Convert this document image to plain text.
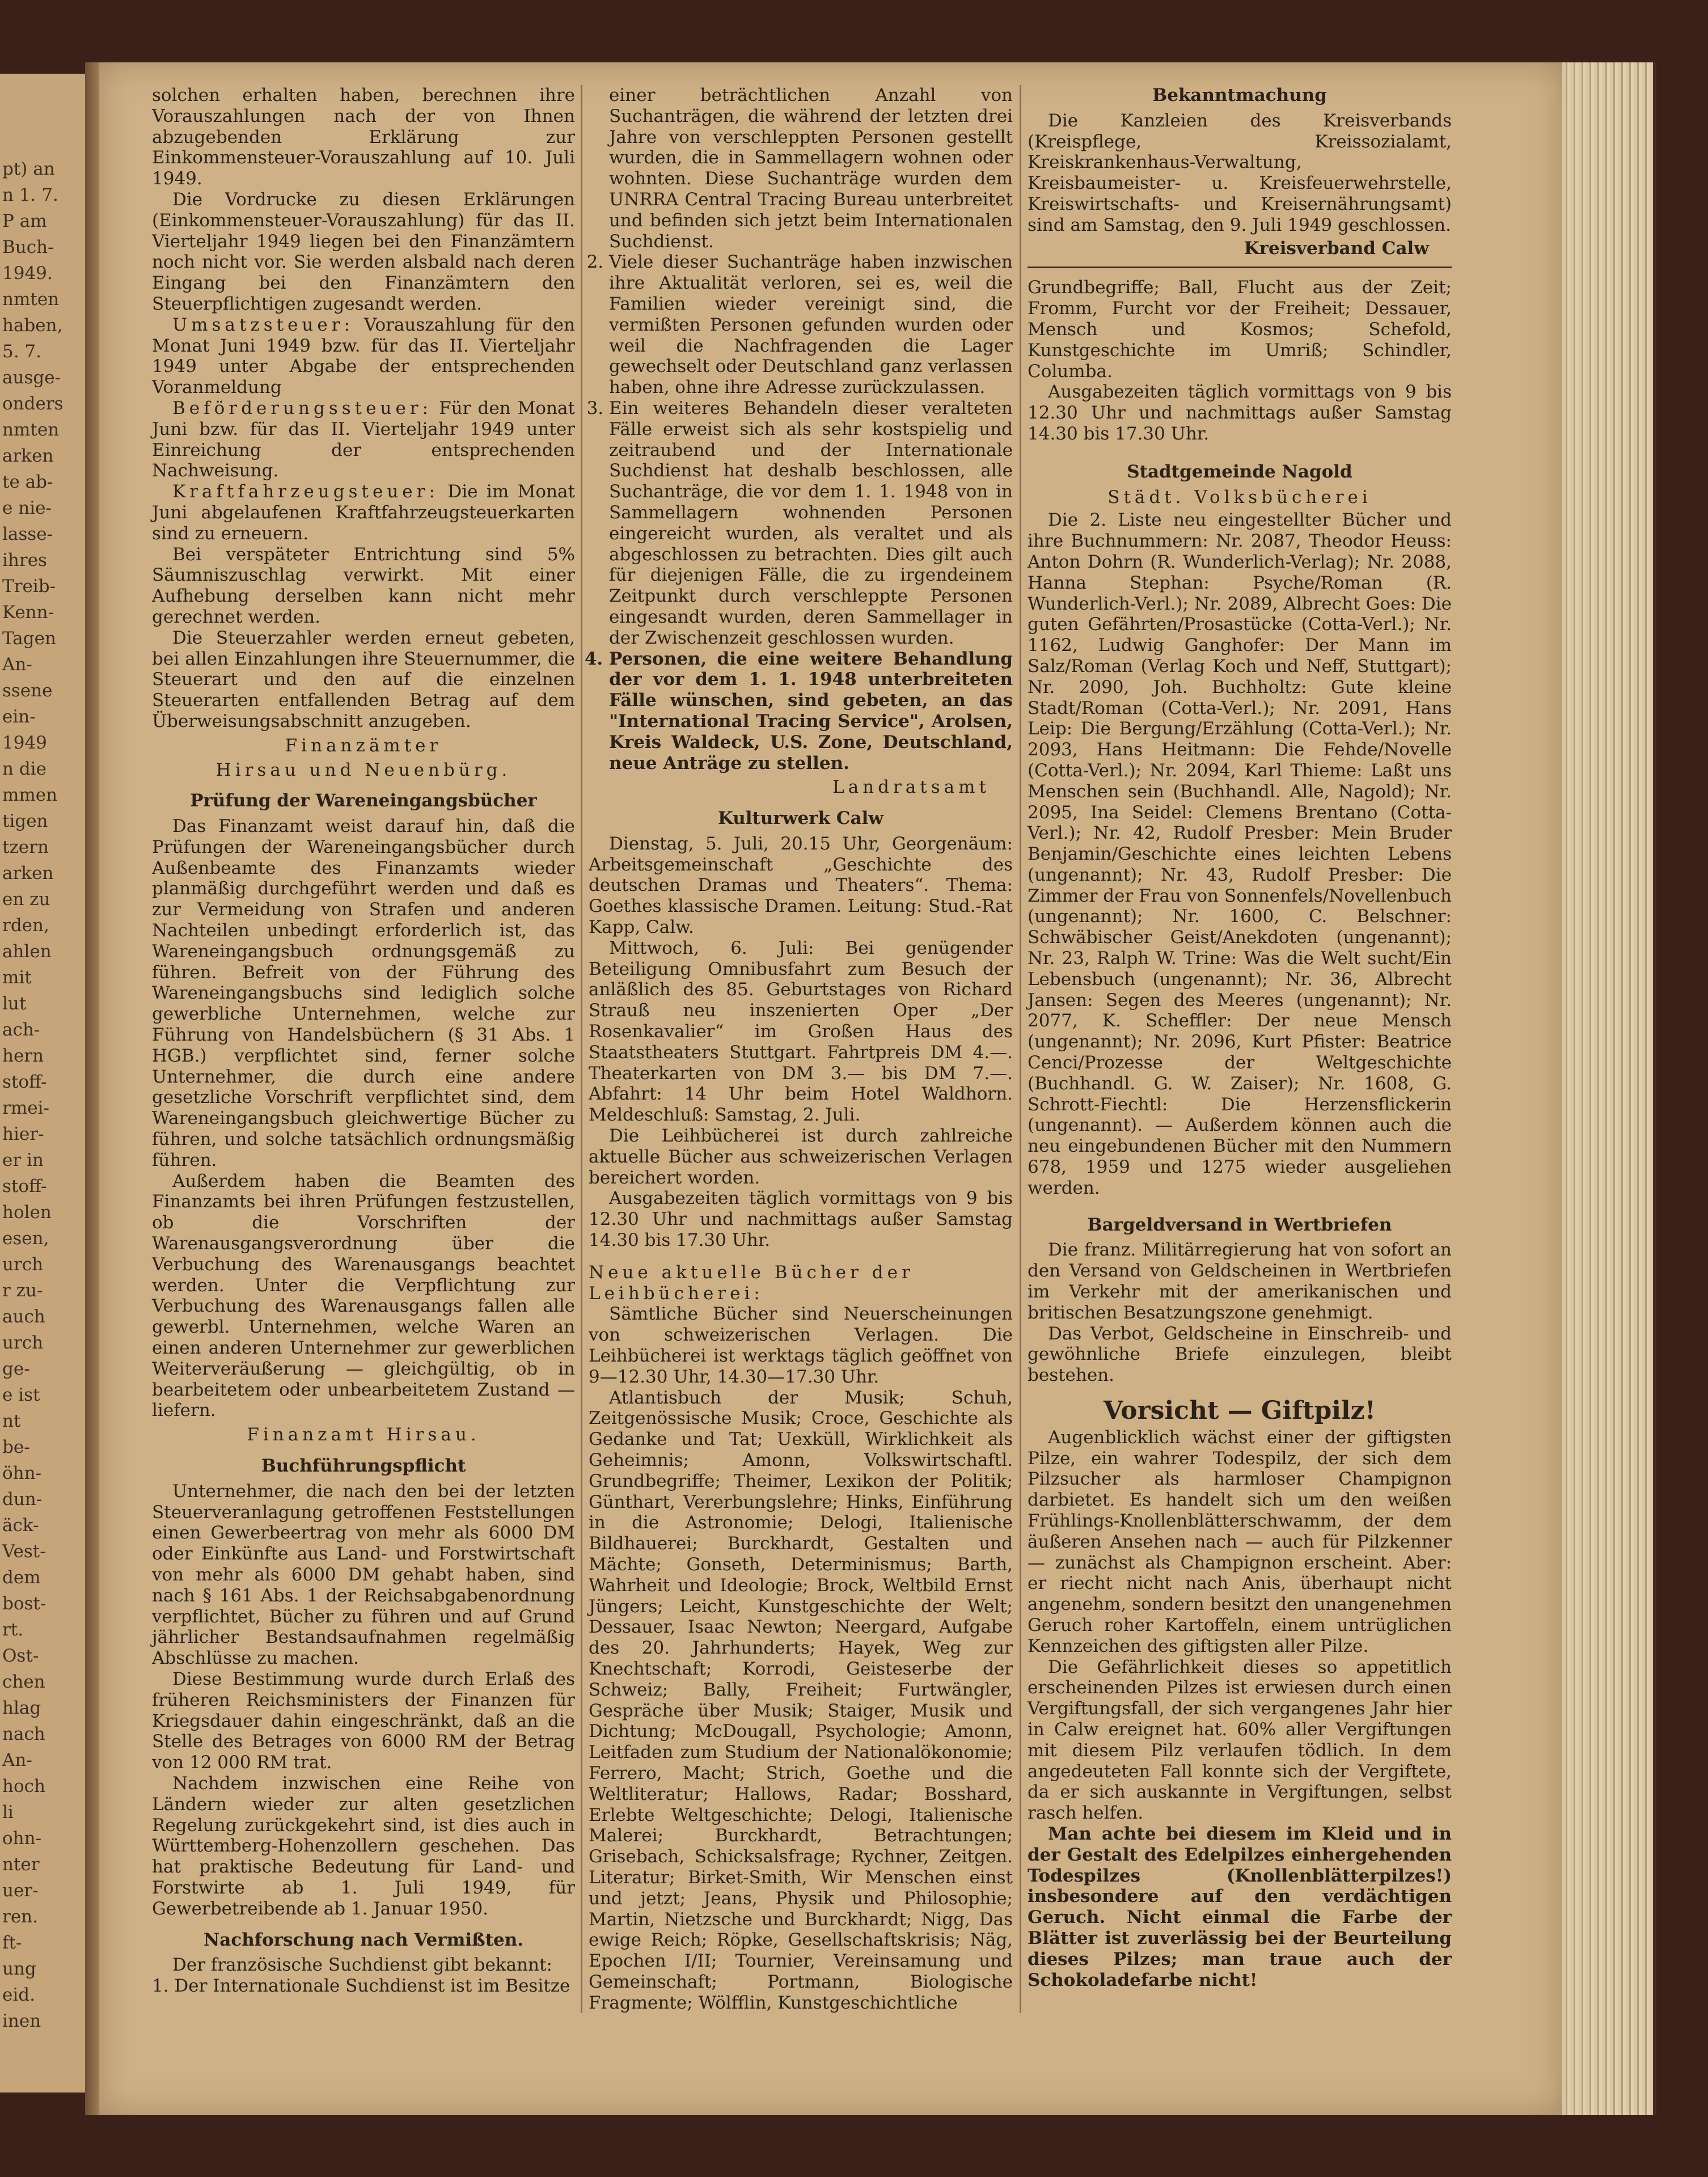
pt) an
n 1. 7.
P am
Buch-
1949.
nmten
haben,
5. 7.
ausge-
onders
nmten
arken
te ab-
e nie-
lasse-
ihres
Treib-
Kenn-
Tagen
An-
ssene
ein-
1949
n die
mmen
tigen
tzern
arken
en zu
rden,
ahlen
mit
lut
ach-
hern
stoff-
rmei-
hier-
er in
stoff-
holen
esen,
urch
r zu-
auch
urch
ge-
e ist
nt
be-
öhn-
dun-
äck-
Vest-
dem
bost-
rt.
Ost-
chen
hlag
nach
An-
hoch
li
ohn-
nter
uer-
ren.
ft-
ung
eid.
inen

solchen erhalten haben, berechnen ihre Vorauszahlungen nach der von Ihnen abzugebenden Erklärung zur Einkommensteuer-Vorauszahlung auf 10. Juli 1949.

Die Vordrucke zu diesen Erklärungen (Einkommensteuer-Vorauszahlung) für das II. Vierteljahr 1949 liegen bei den Finanzämtern noch nicht vor. Sie werden alsbald nach deren Eingang bei den Finanzämtern den Steuerpflichtigen zugesandt werden.

Umsatzsteuer: Vorauszahlung für den Monat Juni 1949 bzw. für das II. Vierteljahr 1949 unter Abgabe der entsprechenden Voranmeldung

Beförderungssteuer: Für den Monat Juni bzw. für das II. Vierteljahr 1949 unter Einreichung der entsprechenden Nachweisung.

Kraftfahrzeugsteuer: Die im Monat Juni abgelaufenen Kraftfahrzeugsteuerkarten sind zu erneuern.

Bei verspäteter Entrichtung sind 5% Säumniszuschlag verwirkt. Mit einer Aufhebung derselben kann nicht mehr gerechnet werden.

Die Steuerzahler werden erneut gebeten, bei allen Einzahlungen ihre Steuernummer, die Steuerart und den auf die einzelnen Steuerarten entfallenden Betrag auf dem Überweisungsabschnitt anzugeben.

Finanzämter
Hirsau und Neuenbürg.
Prüfung der Wareneingangsbücher

Das Finanzamt weist darauf hin, daß die Prüfungen der Wareneingangsbücher durch Außenbeamte des Finanzamts wieder planmäßig durchgeführt werden und daß es zur Vermeidung von Strafen und anderen Nachteilen unbedingt erforderlich ist, das Wareneingangsbuch ordnungsgemäß zu führen. Befreit von der Führung des Wareneingangsbuchs sind lediglich solche gewerbliche Unternehmen, welche zur Führung von Handelsbüchern (§ 31 Abs. 1 HGB.) verpflichtet sind, ferner solche Unternehmer, die durch eine andere gesetzliche Vorschrift verpflichtet sind, dem Wareneingangsbuch gleichwertige Bücher zu führen, und solche tatsächlich ordnungsmäßig führen.

Außerdem haben die Beamten des Finanzamts bei ihren Prüfungen festzustellen, ob die Vorschriften der Warenausgangsverordnung über die Verbuchung des Warenausgangs beachtet werden. Unter die Verpflichtung zur Verbuchung des Warenausgangs fallen alle gewerbl. Unternehmen, welche Waren an einen anderen Unternehmer zur gewerblichen Weiterveräußerung — gleichgültig, ob in bearbeitetem oder unbearbeitetem Zustand — liefern.

Finanzamt Hirsau.
Buchführungspflicht

Unternehmer, die nach den bei der letzten Steuerveranlagung getroffenen Feststellungen einen Gewerbeertrag von mehr als 6000 DM oder Einkünfte aus Land- und Forstwirtschaft von mehr als 6000 DM gehabt haben, sind nach § 161 Abs. 1 der Reichsabgabenordnung verpflichtet, Bücher zu führen und auf Grund jährlicher Bestandsaufnahmen regelmäßig Abschlüsse zu machen.

Diese Bestimmung wurde durch Erlaß des früheren Reichsministers der Finanzen für Kriegsdauer dahin eingeschränkt, daß an die Stelle des Betrages von 6000 RM der Betrag von 12 000 RM trat.

Nachdem inzwischen eine Reihe von Ländern wieder zur alten gesetzlichen Regelung zurückgekehrt sind, ist dies auch in Württemberg-Hohenzollern geschehen. Das hat praktische Bedeutung für Land- und Forstwirte ab 1. Juli 1949, für Gewerbetreibende ab 1. Januar 1950.

Nachforschung nach Vermißten.

Der französische Suchdienst gibt bekannt:

1. Der Internationale Suchdienst ist im Besitze

einer beträchtlichen Anzahl von Suchanträgen, die während der letzten drei Jahre von verschleppten Personen gestellt wurden, die in Sammellagern wohnen oder wohnten. Diese Suchanträge wurden dem UNRRA Central Tracing Bureau unterbreitet und befinden sich jetzt beim Internationalen Suchdienst.

2. Viele dieser Suchanträge haben inzwischen ihre Aktualität verloren, sei es, weil die Familien wieder vereinigt sind, die vermißten Personen gefunden wurden oder weil die Nachfragenden die Lager gewechselt oder Deutschland ganz verlassen haben, ohne ihre Adresse zurückzulassen.
3. Ein weiteres Behandeln dieser veralteten Fälle erweist sich als sehr kostspielig und zeitraubend und der Internationale Suchdienst hat deshalb beschlossen, alle Suchanträge, die vor dem 1. 1. 1948 von in Sammellagern wohnenden Personen eingereicht wurden, als veraltet und als abgeschlossen zu betrachten. Dies gilt auch für diejenigen Fälle, die zu irgendeinem Zeitpunkt durch verschleppte Personen eingesandt wurden, deren Sammellager in der Zwischenzeit geschlossen wurden.
4. Personen, die eine weitere Behandlung der vor dem 1. 1. 1948 unterbreiteten Fälle wünschen, sind gebeten, an das "International Tracing Service", Arolsen, Kreis Waldeck, U.S. Zone, Deutschland, neue Anträge zu stellen.
Landratsamt
Kulturwerk Calw

Dienstag, 5. Juli, 20.15 Uhr, Georgenäum: Arbeitsgemeinschaft „Geschichte des deutschen Dramas und Theaters“. Thema: Goethes klassische Dramen. Leitung: Stud.-Rat Kapp, Calw.

Mittwoch, 6. Juli: Bei genügender Beteiligung Omnibusfahrt zum Besuch der anläßlich des 85. Geburtstages von Richard Strauß neu inszenierten Oper „Der Rosenkavalier“ im Großen Haus des Staatstheaters Stuttgart. Fahrtpreis DM 4.—. Theaterkarten von DM 3.— bis DM 7.—. Abfahrt: 14 Uhr beim Hotel Waldhorn. Meldeschluß: Samstag, 2. Juli.

Die Leihbücherei ist durch zahlreiche aktuelle Bücher aus schweizerischen Verlagen bereichert worden.

Ausgabezeiten täglich vormittags von 9 bis 12.30 Uhr und nachmittags außer Samstag 14.30 bis 17.30 Uhr.

Neue aktuelle Bücher der Leihbücherei:

Sämtliche Bücher sind Neuerscheinungen von schweizerischen Verlagen. Die Leihbücherei ist werktags täglich geöffnet von 9—12.30 Uhr, 14.30—17.30 Uhr.

Atlantisbuch der Musik; Schuh, Zeitgenössische Musik; Croce, Geschichte als Gedanke und Tat; Uexküll, Wirklichkeit als Geheimnis; Amonn, Volkswirtschaftl. Grundbegriffe; Theimer, Lexikon der Politik; Günthart, Vererbungslehre; Hinks, Einführung in die Astronomie; Delogi, Italienische Bildhauerei; Burckhardt, Gestalten und Mächte; Gonseth, Determinismus; Barth, Wahrheit und Ideologie; Brock, Weltbild Ernst Jüngers; Leicht, Kunstgeschichte der Welt; Dessauer, Isaac Newton; Neergard, Aufgabe des 20. Jahrhunderts; Hayek, Weg zur Knechtschaft; Korrodi, Geisteserbe der Schweiz; Bally, Freiheit; Furtwängler, Gespräche über Musik; Staiger, Musik und Dichtung; McDougall, Psychologie; Amonn, Leitfaden zum Studium der Nationalökonomie; Ferrero, Macht; Strich, Goethe und die Weltliteratur; Hallows, Radar; Bosshard, Erlebte Weltgeschichte; Delogi, Italienische Malerei; Burckhardt, Betrachtungen; Grisebach, Schicksalsfrage; Rychner, Zeitgen. Literatur; Birket-Smith, Wir Menschen einst und jetzt; Jeans, Physik und Philosophie; Martin, Nietzsche und Burckhardt; Nigg, Das ewige Reich; Röpke, Gesellschaftskrisis; Näg, Epochen I/II; Tournier, Vereinsamung und Gemeinschaft; Portmann, Biologische Fragmente; Wölfflin, Kunstgeschichtliche

Bekanntmachung

Die Kanzleien des Kreisverbands (Kreispflege, Kreissozialamt, Kreiskrankenhaus-Verwaltung, Kreisbaumeister- u. Kreisfeuerwehrstelle, Kreiswirtschafts- und Kreisernährungsamt) sind am Samstag, den 9. Juli 1949 geschlossen.

Kreisverband Calw

Grundbegriffe; Ball, Flucht aus der Zeit; Fromm, Furcht vor der Freiheit; Dessauer, Mensch und Kosmos; Schefold, Kunstgeschichte im Umriß; Schindler, Columba.

Ausgabezeiten täglich vormittags von 9 bis 12.30 Uhr und nachmittags außer Samstag 14.30 bis 17.30 Uhr.

Stadtgemeinde Nagold
Städt. Volksbücherei

Die 2. Liste neu eingestellter Bücher und ihre Buchnummern: Nr. 2087, Theodor Heuss: Anton Dohrn (R. Wunderlich-Verlag); Nr. 2088, Hanna Stephan: Psyche/Roman (R. Wunderlich-Verl.); Nr. 2089, Albrecht Goes: Die guten Gefährten/Prosastücke (Cotta-Verl.); Nr. 1162, Ludwig Ganghofer: Der Mann im Salz/Roman (Verlag Koch und Neff, Stuttgart); Nr. 2090, Joh. Buchholtz: Gute kleine Stadt/Roman (Cotta-Verl.); Nr. 2091, Hans Leip: Die Bergung/Erzählung (Cotta-Verl.); Nr. 2093, Hans Heitmann: Die Fehde/Novelle (Cotta-Verl.); Nr. 2094, Karl Thieme: Laßt uns Menschen sein (Buchhandl. Alle, Nagold); Nr. 2095, Ina Seidel: Clemens Brentano (Cotta-Verl.); Nr. 42, Rudolf Presber: Mein Bruder Benjamin/Geschichte eines leichten Lebens (ungenannt); Nr. 43, Rudolf Presber: Die Zimmer der Frau von Sonnenfels/Novellenbuch (ungenannt); Nr. 1600, C. Belschner: Schwäbischer Geist/Anekdoten (ungenannt); Nr. 23, Ralph W. Trine: Was die Welt sucht/Ein Lebensbuch (ungenannt); Nr. 36, Albrecht Jansen: Segen des Meeres (ungenannt); Nr. 2077, K. Scheffler: Der neue Mensch (ungenannt); Nr. 2096, Kurt Pfister: Beatrice Cenci/Prozesse der Weltgeschichte (Buchhandl. G. W. Zaiser); Nr. 1608, G. Schrott-Fiechtl: Die Herzensflickerin (ungenannt). — Außerdem können auch die neu eingebundenen Bücher mit den Nummern 678, 1959 und 1275 wieder ausgeliehen werden.

Bargeldversand in Wertbriefen

Die franz. Militärregierung hat von sofort an den Versand von Geldscheinen in Wertbriefen im Verkehr mit der amerikanischen und britischen Besatzungszone genehmigt.

Das Verbot, Geldscheine in Einschreib- und gewöhnliche Briefe einzulegen, bleibt bestehen.

Vorsicht — Giftpilz!

Augenblicklich wächst einer der giftigsten Pilze, ein wahrer Todespilz, der sich dem Pilzsucher als harmloser Champignon darbietet. Es handelt sich um den weißen Frühlings-Knollenblätterschwamm, der dem äußeren Ansehen nach — auch für Pilzkenner — zunächst als Champignon erscheint. Aber: er riecht nicht nach Anis, überhaupt nicht angenehm, sondern besitzt den unangenehmen Geruch roher Kartoffeln, einem untrüglichen Kennzeichen des giftigsten aller Pilze.

Die Gefährlichkeit dieses so appetitlich erscheinenden Pilzes ist erwiesen durch einen Vergiftungsfall, der sich vergangenes Jahr hier in Calw ereignet hat. 60% aller Vergiftungen mit diesem Pilz verlaufen tödlich. In dem angedeuteten Fall konnte sich der Vergiftete, da er sich auskannte in Vergiftungen, selbst rasch helfen.

Man achte bei diesem im Kleid und in der Gestalt des Edelpilzes einhergehenden Todespilzes (Knollenblätterpilzes!) insbesondere auf den verdächtigen Geruch. Nicht einmal die Farbe der Blätter ist zuverlässig bei der Beurteilung dieses Pilzes; man traue auch der Schokoladefarbe nicht!
